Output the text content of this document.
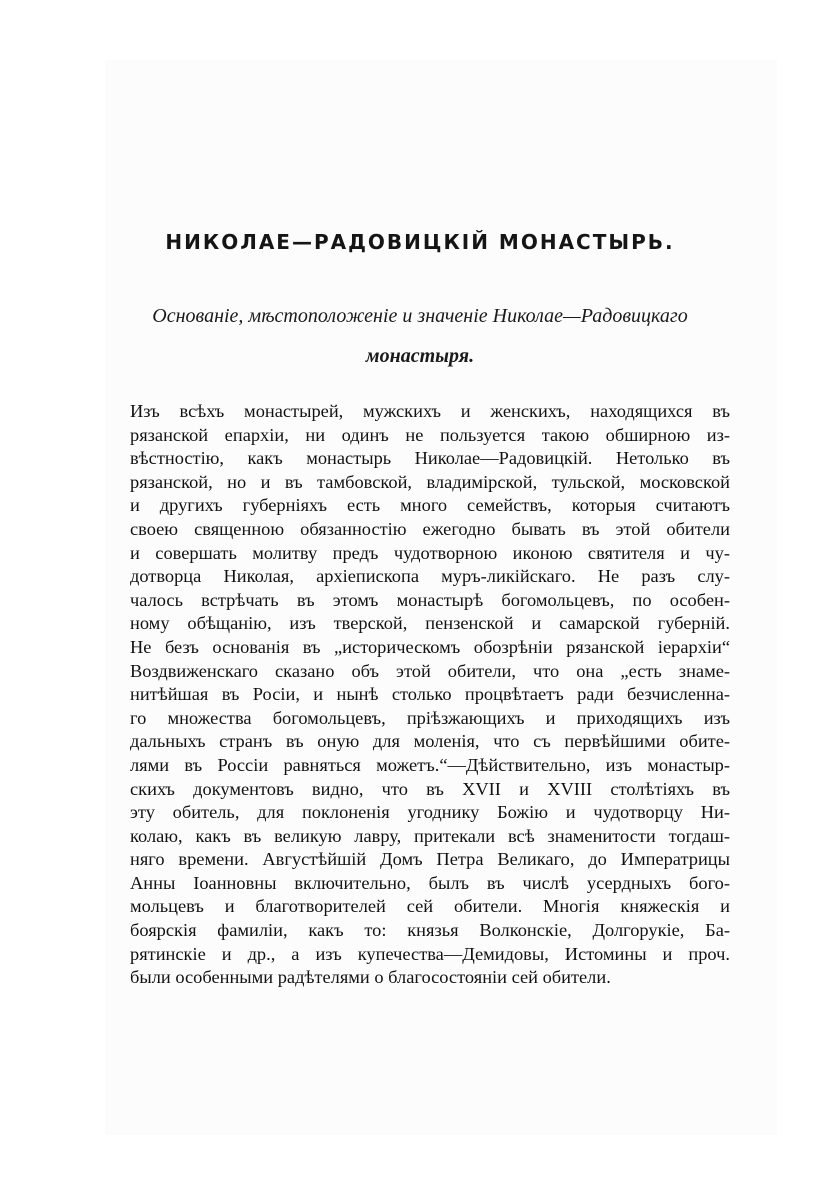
НИКОЛАЕ—РАДОВИЦКІЙ МОНАСТЫРЬ.
Основаніе, мѣстоположеніе и значеніе Николае—Радовицкаго
монастыря.
Изъ всѣхъ монастырей, мужскихъ и женскихъ, находящихся въ
рязанской епархіи, ни одинъ не пользуется такою обширною из-
вѣстностію, какъ монастырь Николае—Радовицкій. Нетолько въ
рязанской, но и въ тамбовской, владимірской, тульской, московской
и другихъ губерніяхъ есть много семействъ, которыя считаютъ
своею священною обязанностію ежегодно бывать въ этой обители
и совершать молитву предъ чудотворною иконою святителя и чу-
дотворца Николая, архіепископа муръ-ликійскаго. Не разъ слу-
чалось встрѣчать въ этомъ монастырѣ богомольцевъ, по особен-
ному обѣщанію, изъ тверской, пензенской и самарской губерній.
Не безъ основанія въ „историческомъ обозрѣніи рязанской іерархіи“
Воздвиженскаго сказано объ этой обители, что она „есть знаме-
нитѣйшая въ Росіи, и нынѣ столько процвѣтаетъ ради безчисленна-
го множества богомольцевъ, пріѣзжающихъ и приходящихъ изъ
дальныхъ странъ въ оную для моленія, что съ первѣйшими обите-
лями въ Россіи равняться можетъ.“—Дѣйствительно, изъ монастыр-
скихъ документовъ видно, что въ XVII и XVIII столѣтіяхъ въ
эту обитель, для поклоненія угоднику Божію и чудотворцу Ни-
колаю, какъ въ великую лавру, притекали всѣ знаменитости тогдаш-
няго времени. Августѣйшій Домъ Петра Великаго, до Императрицы
Анны Іоанновны включительно, былъ въ числѣ усердныхъ бого-
мольцевъ и благотворителей сей обители. Многія княжескія и
боярскія фамиліи, какъ то: князья Волконскіе, Долгорукіе, Ба-
рятинскіе и др., а изъ купечества—Демидовы, Истомины и проч.
были особенными радѣтелями о благосостояніи сей обители.
